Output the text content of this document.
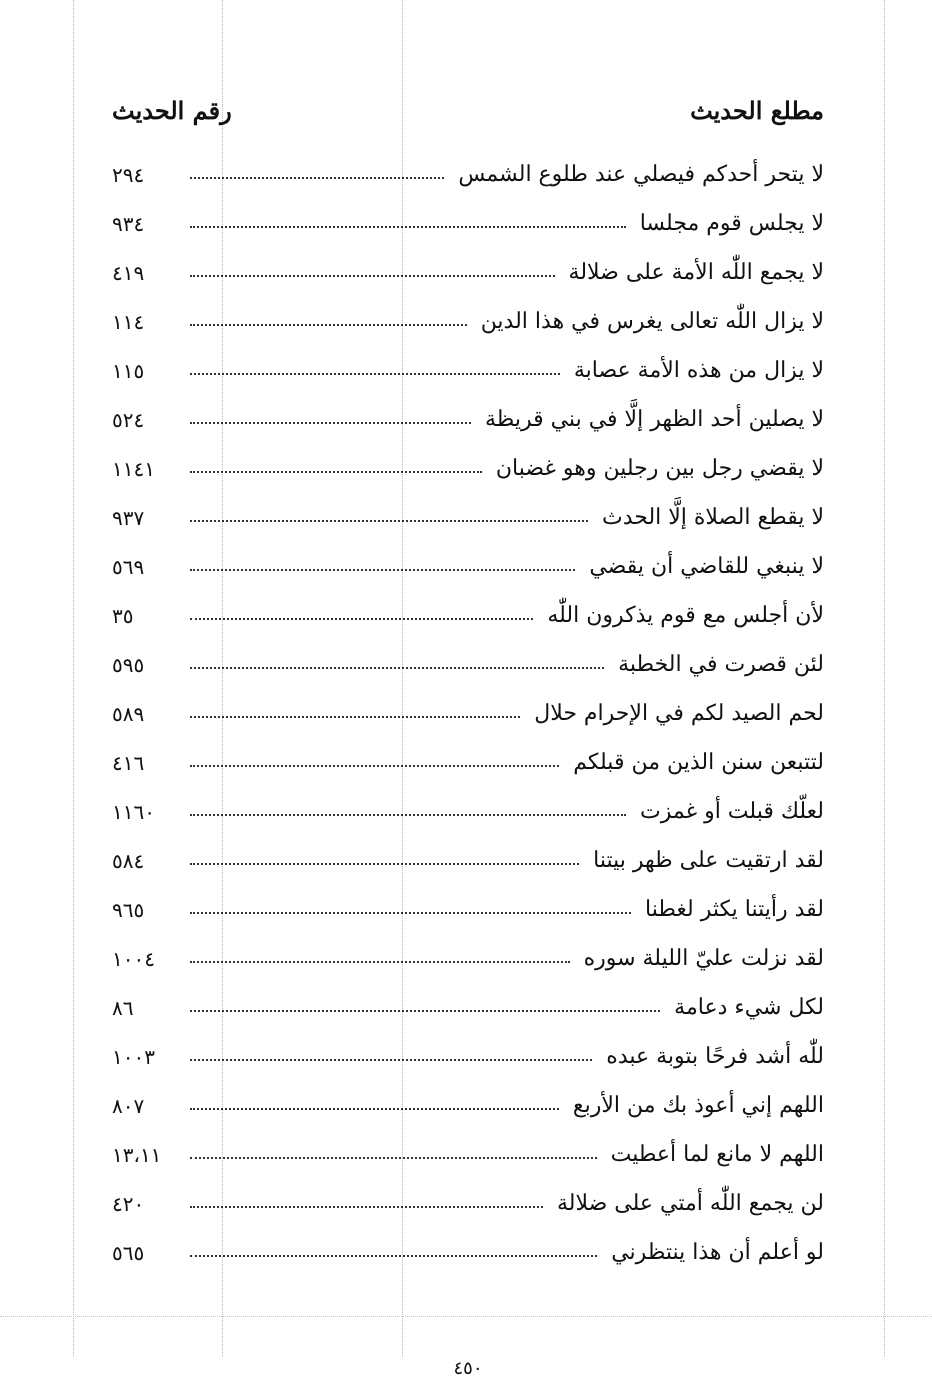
مطلع الحديث
رقم الحديث
لا يتحر أحدكم فيصلي عند طلوع الشمس
٢٩٤
لا يجلس قوم مجلسا
٩٣٤
لا يجمع اللّٰه الأمة على ضلالة
٤١٩
لا يزال اللّٰه تعالى يغرس في هذا الدين
١١٤
لا يزال من هذه الأمة عصابة
١١٥
لا يصلين أحد الظهر إلَّا في بني قريظة
٥٢٤
لا يقضي رجل بين رجلين وهو غضبان
١١٤١
لا يقطع الصلاة إلَّا الحدث
٩٣٧
لا ينبغي للقاضي أن يقضي
٥٦٩
لأن أجلس مع قوم يذكرون اللّٰه
٣٥
لئن قصرت في الخطبة
٥٩٥
لحم الصيد لكم في الإحرام حلال
٥٨٩
لتتبعن سنن الذين من قبلكم
٤١٦
لعلّك قبلت أو غمزت
١١٦٠
لقد ارتقيت على ظهر بيتنا
٥٨٤
لقد رأيتنا يكثر لغطنا
٩٦٥
لقد نزلت عليّ الليلة سوره
١٠٠٤
لكل شيء دعامة
٨٦
للّٰه أشد فرحًا بتوبة عبده
١٠٠٣
اللهم إني أعوذ بك من الأربع
٨٠٧
اللهم لا مانع لما أعطيت
١٣،١١
لن يجمع اللّٰه أمتي على ضلالة
٤٢٠
لو أعلم أن هذا ينتظرني
٥٦٥
٤٥٠
